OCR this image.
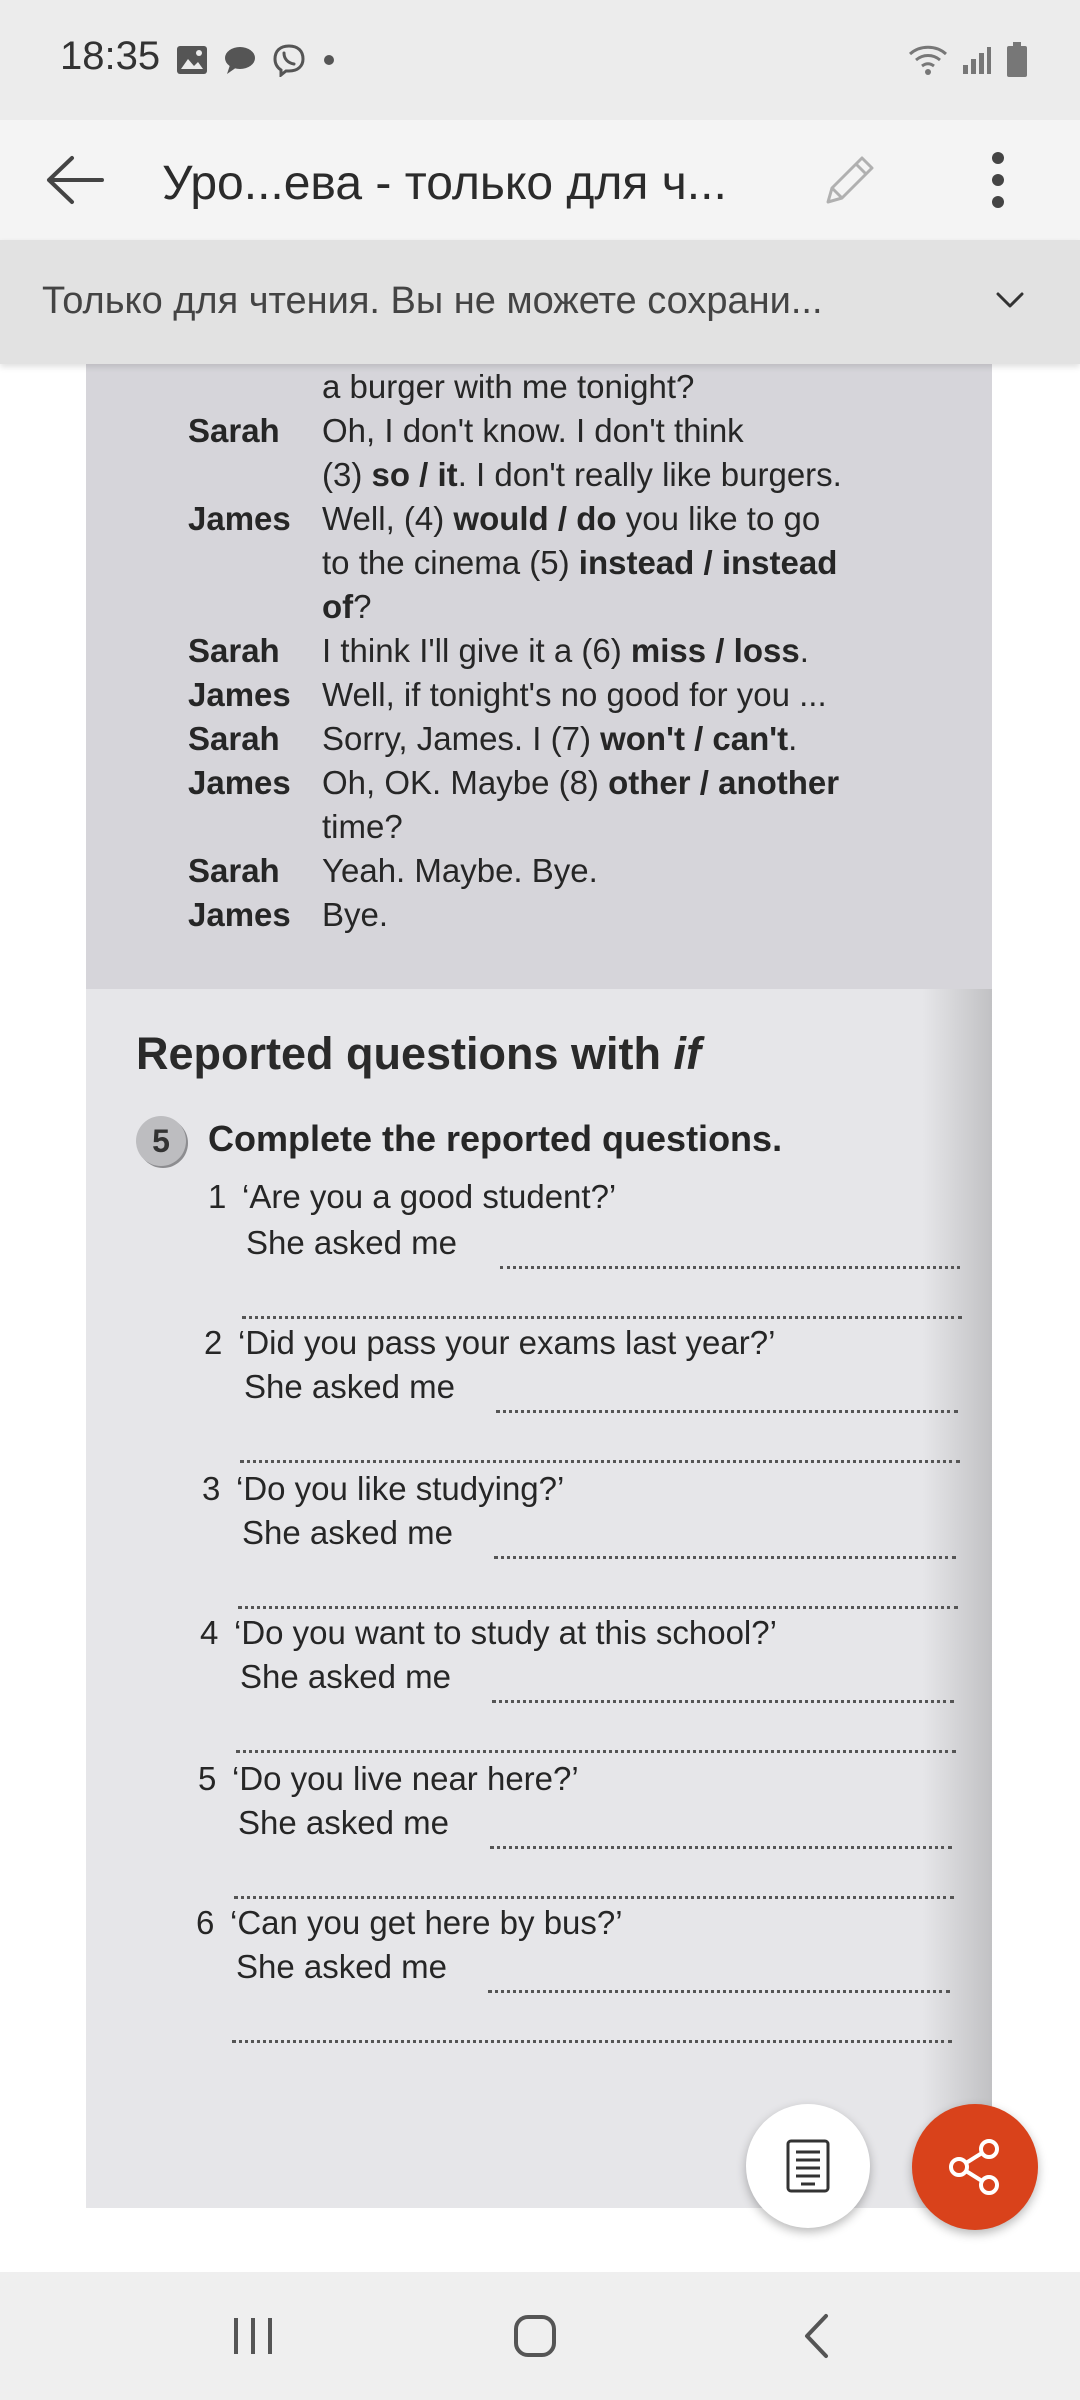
18:35
Уро...ева - только для ч...
Только для чтения. Вы не можете сохрани...
a burger with me tonight?
Sarah Oh, I don't know. I don't think
(3) so / it. I don't really like burgers.
James Well, (4) would / do you like to go
to the cinema (5) instead / instead
of?
Sarah I think I'll give it a (6) miss / loss.
James Well, if tonight's no good for you ...
Sarah Sorry, James. I (7) won't / can't.
James Oh, OK. Maybe (8) other / another
time?
Sarah Yeah. Maybe. Bye.
James Bye.
Reported questions with if
5	Complete the reported questions.
1 ‘Are you a good student?’
She asked me
2 ‘Did you pass your exams last year?’
She asked me
3 ‘Do you like studying?’
She asked me
4 ‘Do you want to study at this school?’
She asked me
5 ‘Do you live near here?’
She asked me
6 ‘Can you get here by bus?’
She asked me
